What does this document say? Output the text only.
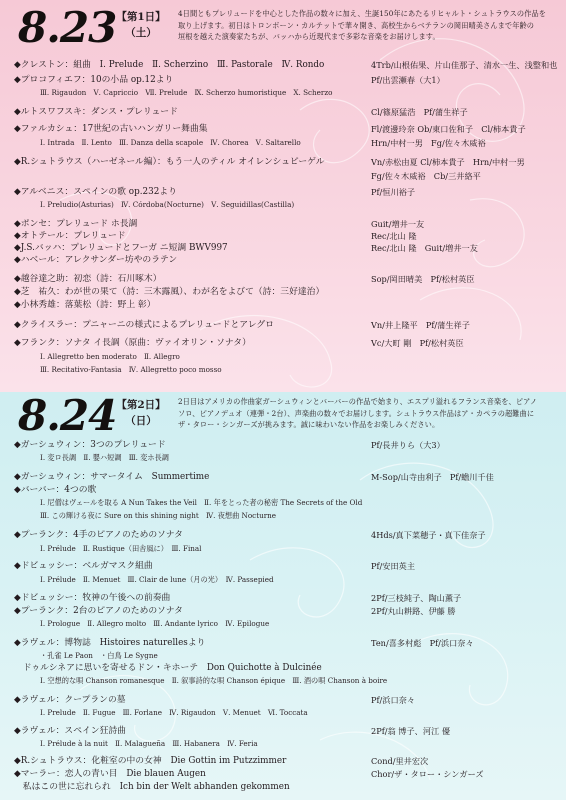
8.23 【第1日】
（土）
4日間ともプレリュードを中心とした作品の数々に加え、生誕150年にあたるリヒャルト・シュトラウスの作品を
取り上げます。初日はトロンボーン・カルテットで華々開き、高校生からベテランの岡田晴美さんまで年齢の
垣根を越えた演奏家たちが、バッハから近現代まで多彩な音楽をお届けします。
8.24 【第2日】
（日）
2日目はアメリカの作曲家ガーシュウィンとバーバーの作品で始まり、エスプリ溢れるフランス音楽を、ピアノ
ソロ、ピアノデュオ（連弾・2台）、声楽曲の数々でお届けします。シュトラウス作品はア・カペラの超難曲に
ザ・タロー・シンガーズが挑みます。誠に味わいない作品をお楽しみください。
◆クレストン：組曲　Ⅰ. Prelude　Ⅱ. Scherzino　Ⅲ. Pastorale　Ⅳ. Rondo	4Trb/山根佑果、片山佳那子、清水一生、浅整和也
◆プロコフィエフ：10の小品 op.12より	Pf/出雲瀬春（大1）
Ⅲ. Rigaudon　Ⅴ. Capriccio　Ⅶ. Prelude　Ⅸ. Scherzo humoristique　Ⅹ. Scherzo
◆ルトスワフスキ：ダンス・プレリュード	Cl/篠原猛浩　Pf/蒲生祥子
◆ファルカシュ：17世紀の古いハンガリー舞曲集	Fl/渡邊玲奈 Ob/東口佐和子　Cl/柿本貴子
Ⅰ. Intrada　Ⅱ. Lento　Ⅲ. Danza della scapole　Ⅳ. Chorea　Ⅴ. Saltarello	Hrn/中村一男　Fg/佐々木威裕
◆R.シュトラウス（ハーゼネール編）：もう一人のティル オイレンシュピーゲル	Vn/赤松由夏 Cl/柿本貴子　Hrn/中村一男
Fg/佐々木威裕　Cb/三井絡平
◆アルベニス：スペインの歌 op.232より	Pf/恒川裕子
Ⅰ. Preludio(Asturias)　Ⅳ. Córdoba(Nocturne)　Ⅴ. Seguidillas(Castilla)
◆ポンセ：プレリュード ホ長調	Guit/増井一友
◆オトテール：プレリュード	Rec/北山 隆
◆J.S.バッハ：プレリュードとフーガ ニ短調 BWV997	Rec/北山 隆　Guit/増井一友
◆ハベール：アレクサンダー坊やのラテン
◆越谷達之助：初恋（詩：石川啄木）	Sop/岡田晴美　Pf/松村英臣
◆芝　祐久：わが世の果て（詩：三木露風）、わが名をよびて（詩：三好達治）
◆小林秀雄：落葉松（詩：野上 彰）
◆クライスラー：プニャーニの様式によるプレリュードとアレグロ	Vn/井上隆平　Pf/蒲生祥子
◆フランク：ソナタ イ長調（原曲：ヴァイオリン・ソナタ）	Vc/大町 剛　Pf/松村英臣
Ⅰ. Allegretto ben moderato　Ⅱ. Allegro
Ⅲ. Recitativo-Fantasia　Ⅳ. Allegretto poco mosso
◆ガーシュウィン：3つのプレリュード	Pf/長井りら（大3）
Ⅰ. 変ロ長調　Ⅱ. 嬰ハ短調　Ⅲ. 変ホ長調
◆ガーシュウィン：サマータイム　Summertime	M-Sop/山寺由利子　Pf/蟾川千佳
◆バーバー：4つの歌
Ⅰ. 尼僧はヴェールを取る A Nun Takes the Veil　Ⅱ. 年をとった者の秘密 The Secrets of the Old
Ⅲ. この輝ける夜に Sure on this shining night　Ⅳ. 夜想曲 Nocturne
◆プーランク：4手のピアノのためのソナタ	4Hds/真下菜穂子・真下佳奈子
Ⅰ. Prélude　Ⅱ. Rustique（田舎風に）　Ⅲ. Final
◆ドビュッシー：ベルガマスク組曲	Pf/安田英主
Ⅰ. Prélude　Ⅱ. Menuet　Ⅲ. Clair de lune（月の光）　Ⅳ. Passepied
◆ドビュッシー：牧神の午後への前奏曲	2Pf/三枝純子、陶山薫子
◆プーランク：2台のピアノのためのソナタ	2Pf/丸山耕路、伊藤 勝
Ⅰ. Prologue　Ⅱ. Allegro molto　Ⅲ. Andante lyrico　Ⅳ. Epilogue
◆ラヴェル：博物誌　Histoires naturellesより	Ten/喜多村彪　Pf/浜口奈々
・孔雀 Le Paon　・白鳥 Le Sygne
　ドゥルシネアに思いを寄せるドン・キホーテ　Don Quichotte à Dulcinée
Ⅰ. 空想的な唄 Chanson romanesque　Ⅱ. 叙事詩的な唄 Chanson épique　Ⅲ. 酒の唄 Chanson à boire
◆ラヴェル：クープランの墓	Pf/浜口奈々
Ⅰ. Prelude　Ⅱ. Fugue　Ⅲ. Forlane　Ⅳ. Rigaudon　Ⅴ. Menuet　Ⅵ. Toccata
◆ラヴェル：スペイン狂詩曲	2Pf/翁 博子、河江 優
Ⅰ. Prélude à la nuit　Ⅱ. Malagueña　Ⅲ. Habanera　Ⅳ. Feria
◆R.シュトラウス：化粧室の中の女神　Die Gottin im Putzzimmer	Cond/里井宏次
◆マーラー：恋人の青い目　Die blauen Augen	Chor/ザ・タロー・シンガーズ
　私はこの世に忘れられ　Ich bin der Welt abhanden gekommen
